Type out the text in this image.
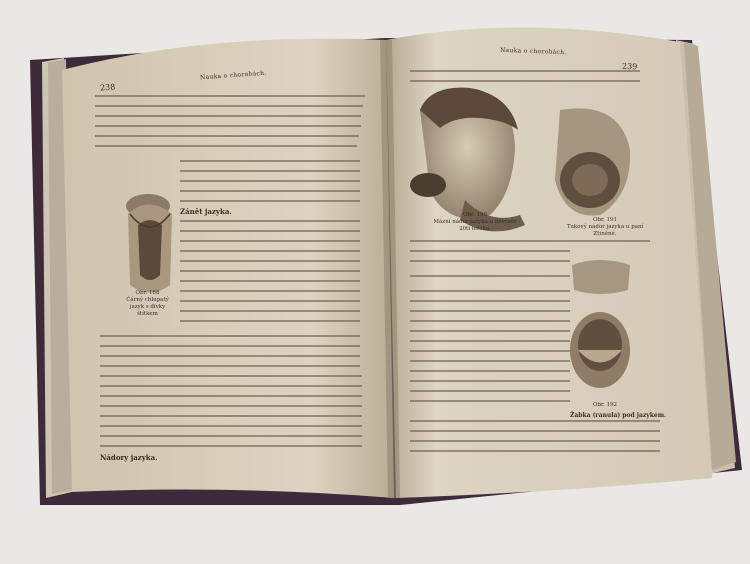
Nauka o chorobách.
238
Zánět jazyka.
Nádory jazyka.
Obr. 188
Čárný chlupatý
jazyk s divky
štítkem
Nauka o chorobách.
239
Obr. 190
Mázní nádor jazyka u děvčete
20ti letého.
Obr. 191
Tukový nádor jazyka u paní
Ztiněné.
Obr. 192
Žabka (ranula) pod jazykem.
